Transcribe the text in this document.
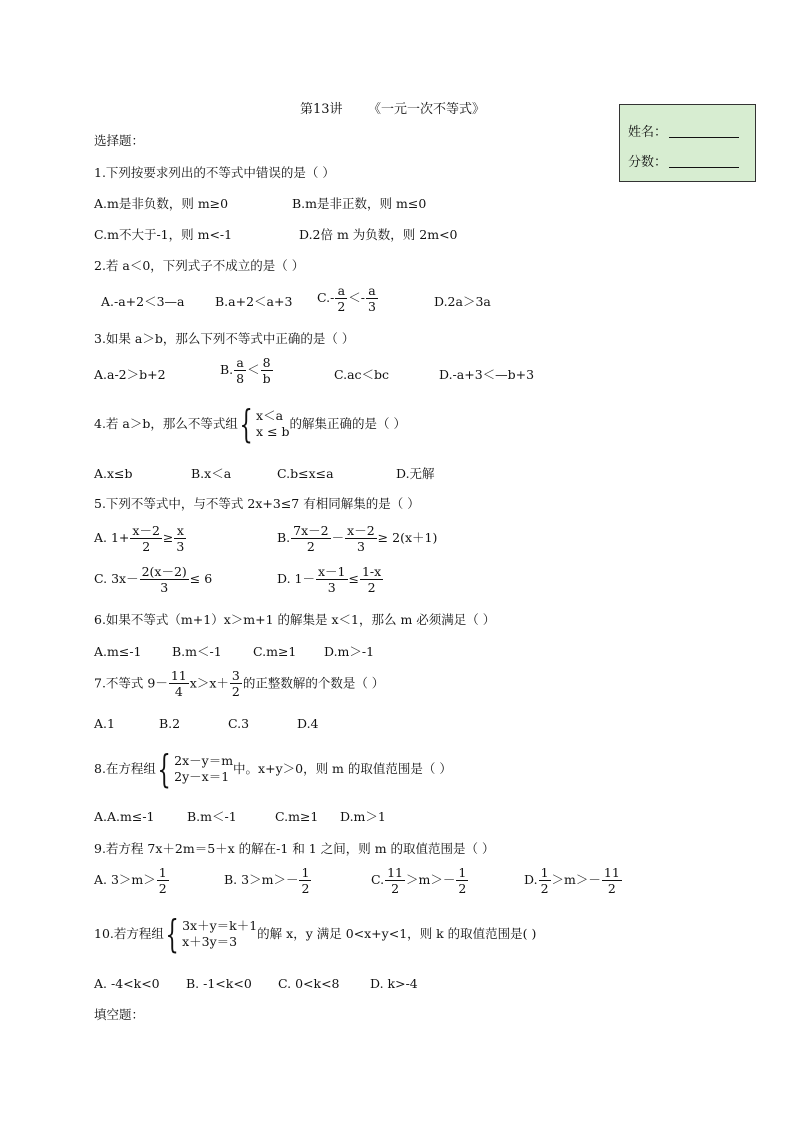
第13讲 《一元一次不等式》
姓名：
分数：
选择题：
1.下列按要求列出的不等式中错误的是（ ）
A.m是非负数，则 m≥0	B.m是非正数，则 m≤0
C.m不大于-1，则 m<-1	D.2倍 m 为负数，则 2m<0
2.若 a＜0，下列式子不成立的是（ ）
A.-a+2＜3—a B.a+2＜a+3 $C.- \frac{a}{2} <- \frac{a}{3}$	D.2a＞3a
3.如果 a＞b，那么下列不等式中正确的是（ ）
A.a-2＞b+2	B. $\frac{a}{8} < \frac{8}{b}$	C.ac＜bc	D.-a+3＜—b+3
4.若 a＞b，那么不等式组{ x＜a
x ≤ b
的解集正确的是（ ）
A.x≤b	B.x＜a	C.b≤x≤a	D.无解
5.下列不等式中，与不等式 2x+3≤7 有相同解集的是（ ）
A. $1+ \frac{x-2}{2} \ge \frac{x}{3}$	B. $\frac{7x-2}{2} - \frac{x-2}{3} \ge 2(x+1)$
C. $3x- \frac{2(x-2)}{3} \le 6$	D. $1- \frac{x-1}{3} \le \frac{1-x}{2}$
6.如果不等式（m+1）x＞m+1 的解集是 x＜1，那么 m 必须满足（ ）
A.m≤-1 B.m＜-1	C.m≥1 D.m＞-1
7.不等式 $9- \frac{11}{4} x>x+ \frac{3}{2}$ 的正整数解的个数是（ ）
A.1	B.2	C.3	D.4
8.在方程组{ 2x－y＝m
2y－x＝1
中。x+y＞0，则 m 的取值范围是（ ）
A.A.m≤-1	B.m＜-1	C.m≥1 D.m＞1
9.若方程 7x＋2m＝5＋x 的解在-1 和 1 之间，则 m 的取值范围是（ ）
A. $3>m> \frac{1}{2}$	B. $3>m>- \frac{1}{2}$	C. $\frac{11}{2} >m>- \frac{1}{2}$	D. $\frac{1}{2} >m>- \frac{11}{2}$
10.若方程组{ 3x＋y＝k＋1
x＋3y＝3
的解 x，y 满足 0<x+y<1，则 k 的取值范围是( )
A. -4<k<0 B. -1<k<0 C. 0<k<8 D. k>-4
填空题：
